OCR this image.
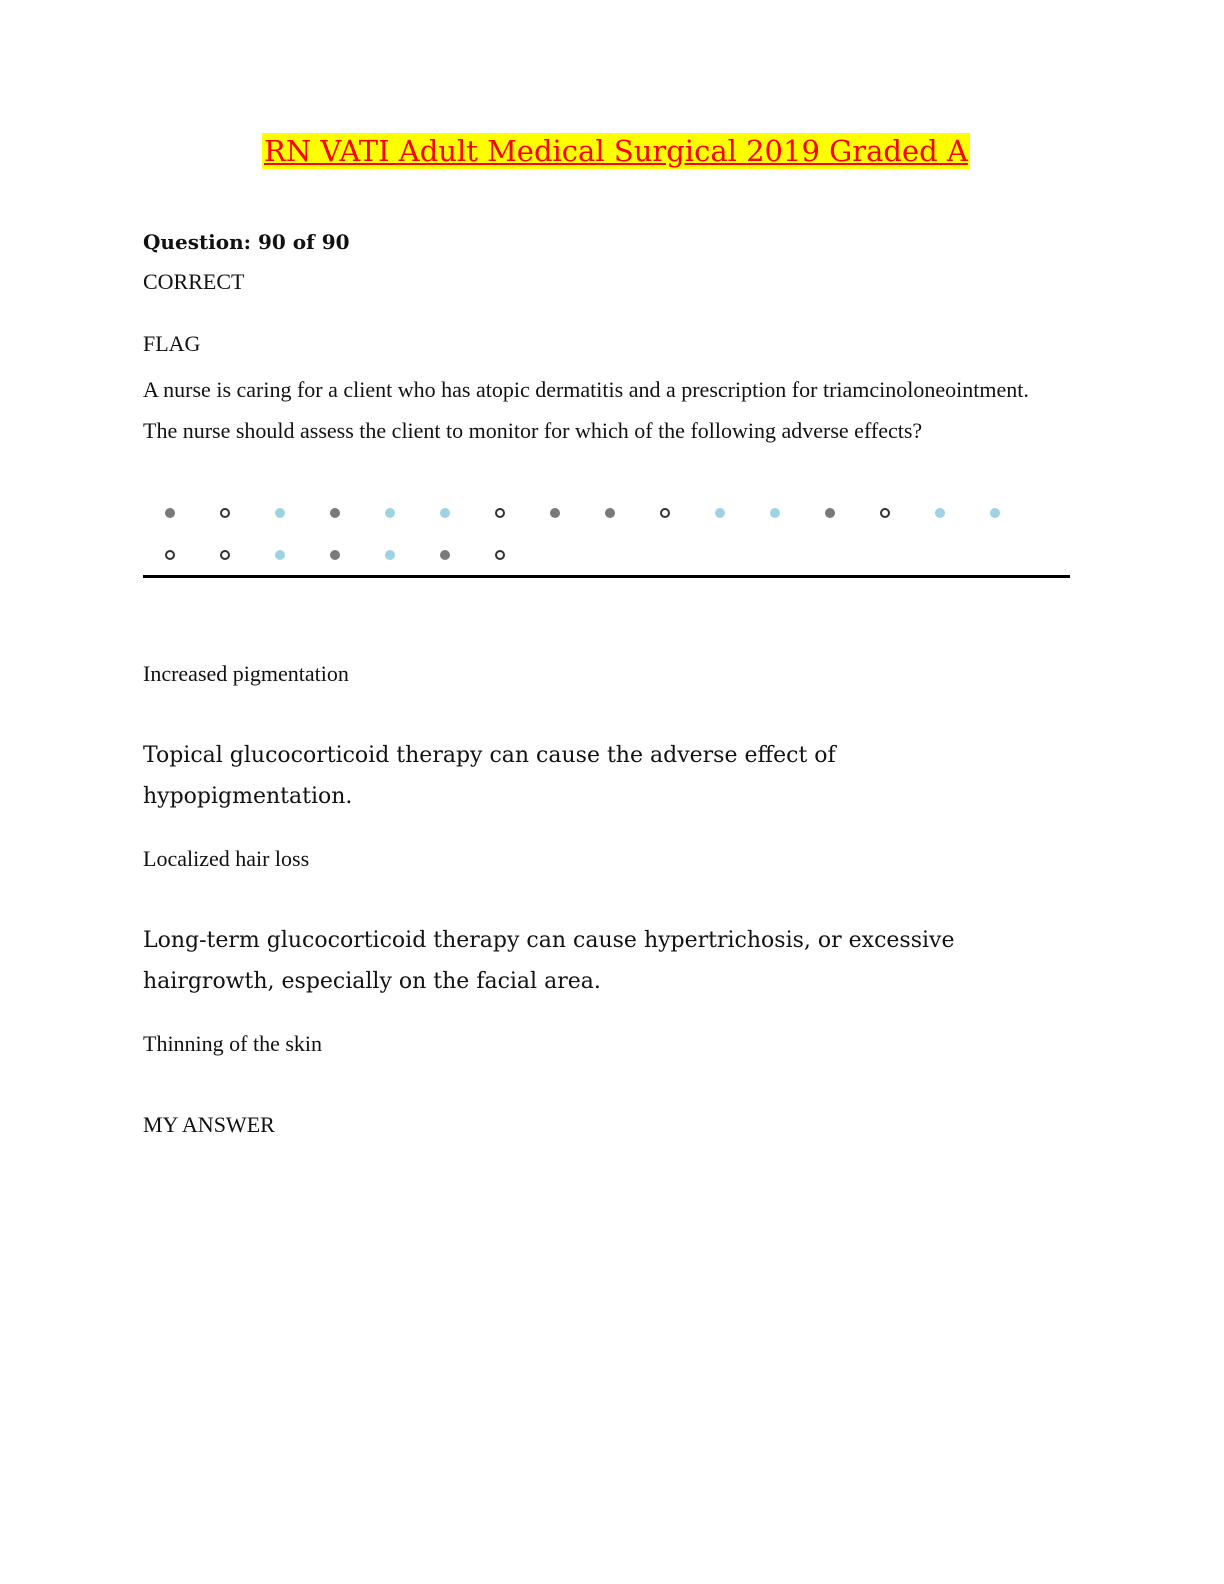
RN VATI Adult Medical Surgical 2019 Graded A
Question: 90 of 90
CORRECT
FLAG
A nurse is caring for a client who has atopic dermatitis and a prescription for triamcinoloneointment. The nurse should assess the client to monitor for which of the following adverse effects?
Increased pigmentation
Topical glucocorticoid therapy can cause the adverse effect of hypopigmentation.
Localized hair loss
Long-term glucocorticoid therapy can cause hypertrichosis, or excessive hairgrowth, especially on the facial area.
Thinning of the skin
MY ANSWER
